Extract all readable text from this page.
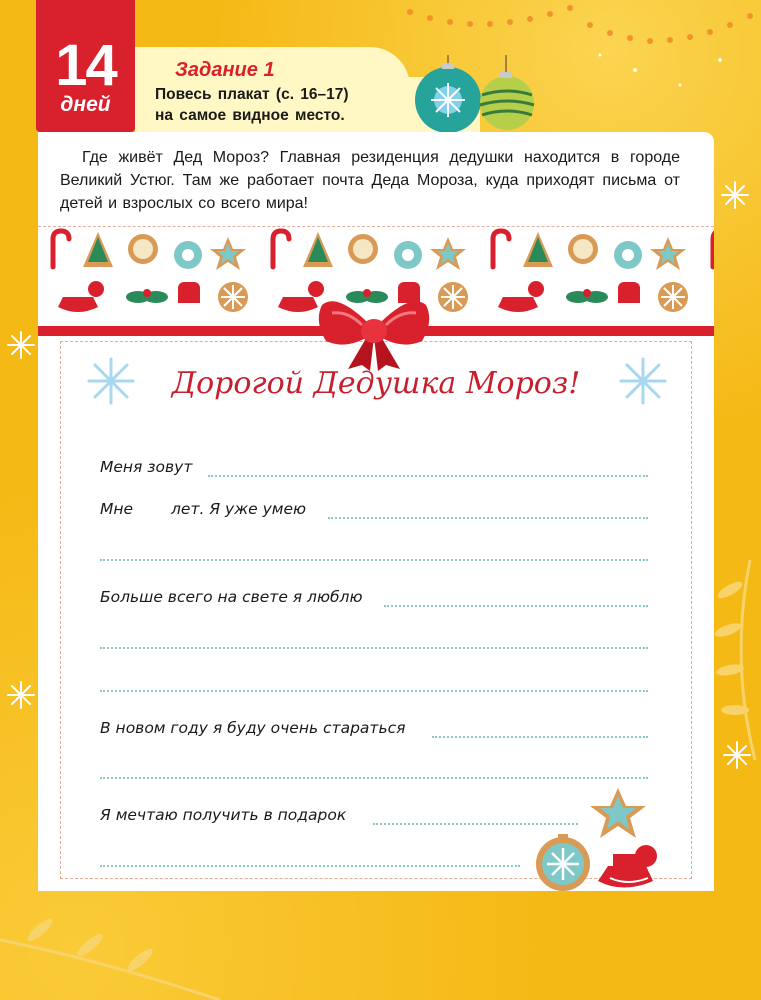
14
дней
Задание 1
Повесь плакат (с. 16–17)
на самое видное место.
Где живёт Дед Мороз? Главная резиденция дедушки находится в городе Великий Устюг. Там же работает почта Деда Мороза, куда приходят письма от детей и взрослых со всего мира!
Дорогой Дедушка Мороз!
Меня зовут
Мне лет. Я уже умею
Больше всего на свете я люблю
В новом году я буду очень стараться
Я мечтаю получить в подарок
